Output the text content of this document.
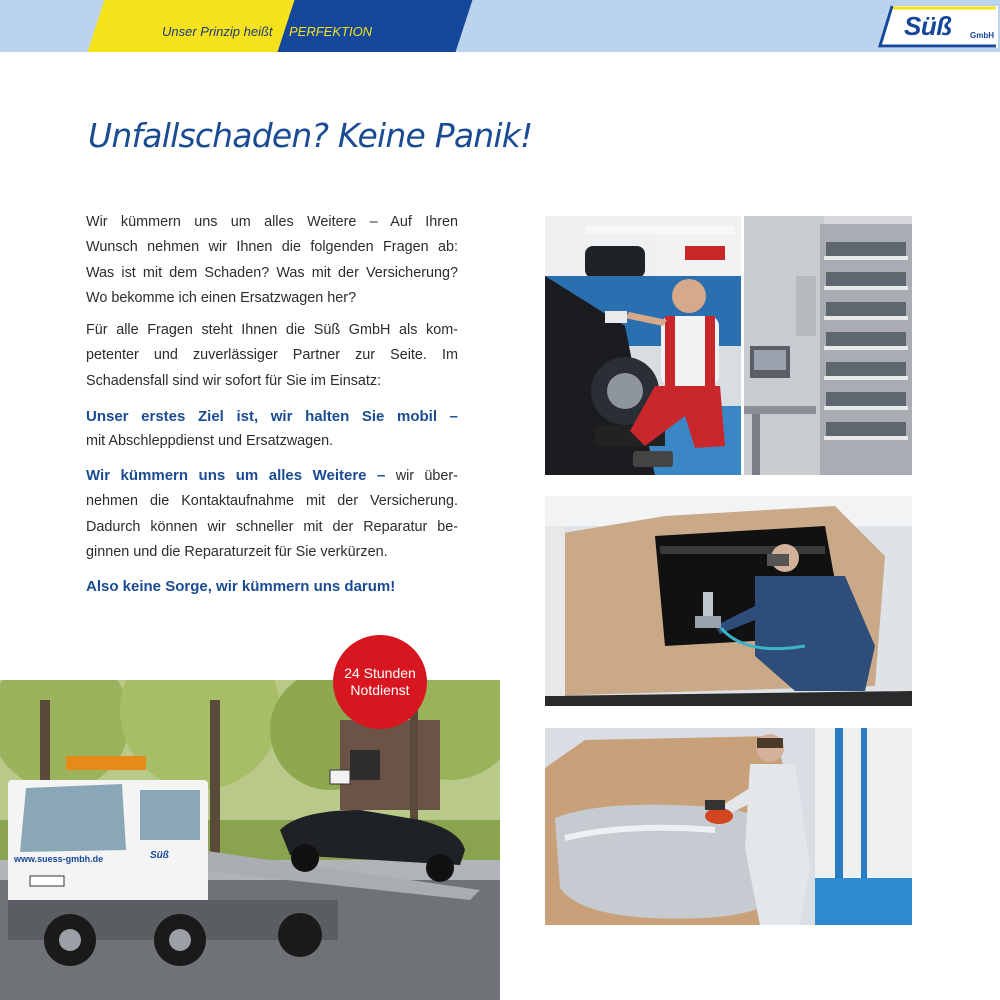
Unser Prinzip heißt PERFEKTION	Süß GmbH
Unfallschaden? Keine Panik!
Wir kümmern uns um alles Weitere – Auf Ihren
Wunsch nehmen wir Ihnen die folgenden Fragen ab:
Was ist mit dem Schaden? Was mit der Versicherung?
Wo bekomme ich einen Ersatzwagen her?
Für alle Fragen steht Ihnen die Süß GmbH als kom-
petenter und zuverlässiger Partner zur Seite. Im
Schadensfall sind wir sofort für Sie im Einsatz:
Unser erstes Ziel ist, wir halten Sie mobil –
mit Abschleppdienst und Ersatzwagen.
Wir kümmern uns um alles Weitere – wir über-
nehmen die Kontaktaufnahme mit der Versicherung.
Dadurch können wir schneller mit der Reparatur be-
ginnen und die Reparaturzeit für Sie verkürzen.
Also keine Sorge, wir kümmern uns darum!
Süß
www.suess-gmbh.de
24 Stunden
Notdienst
